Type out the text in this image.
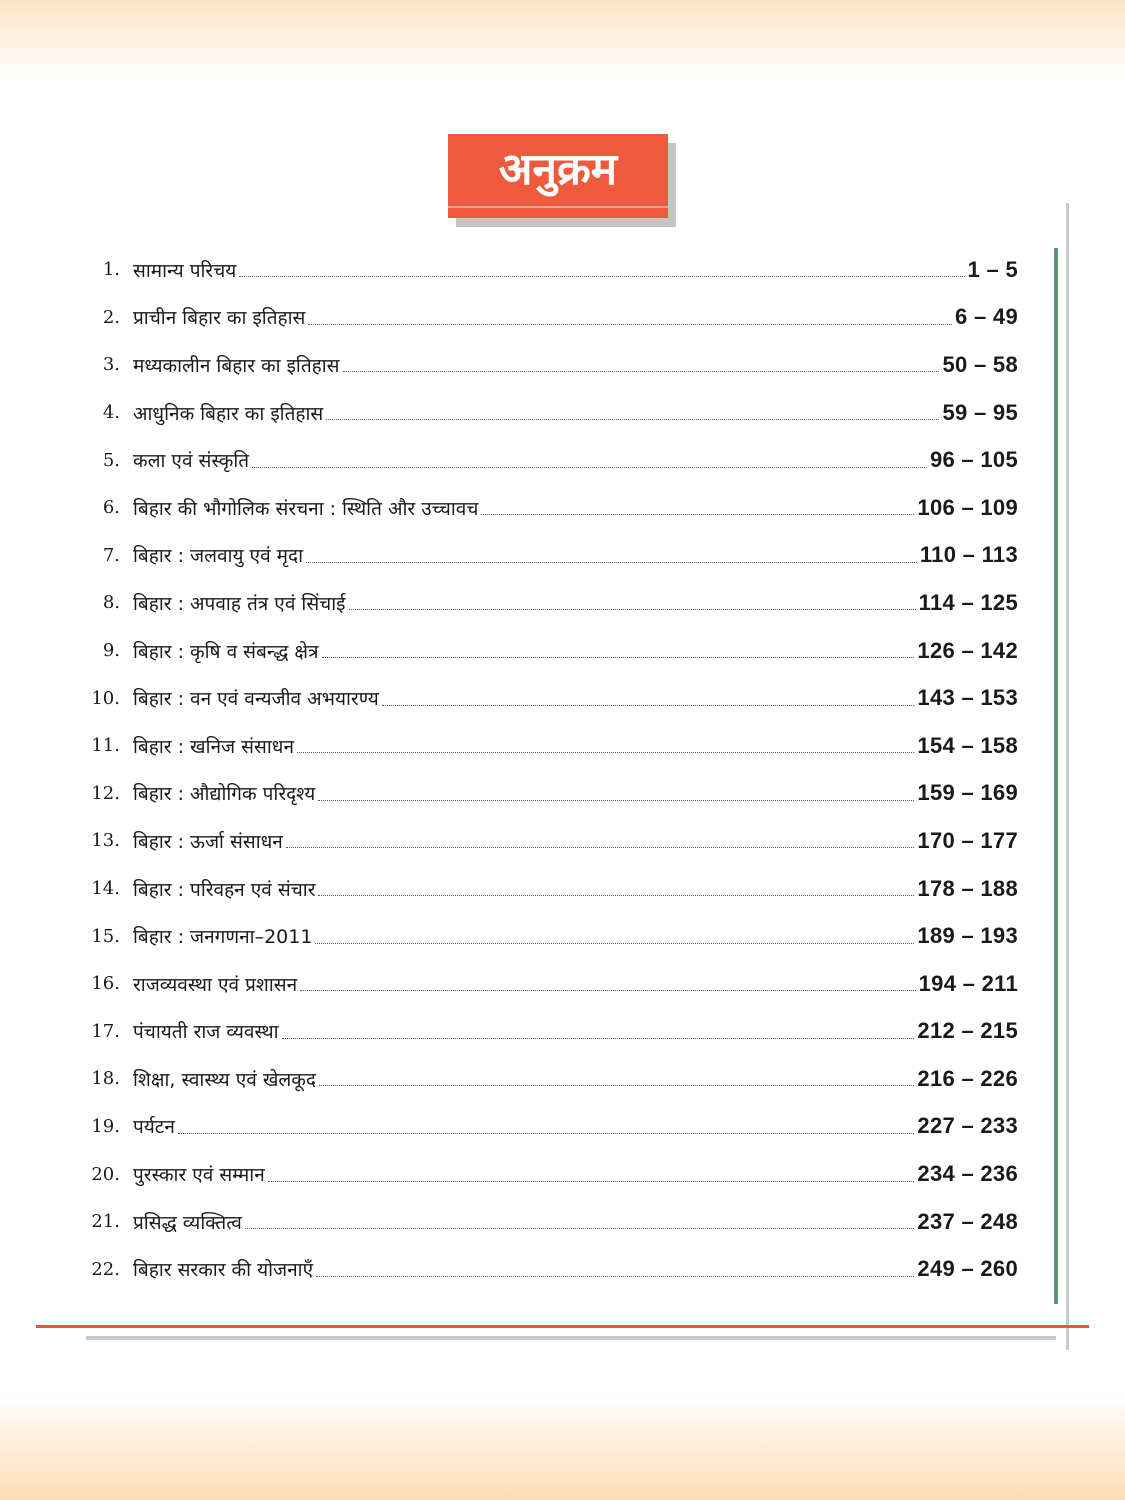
अनुक्रम
1. सामान्य परिचय	1 – 5
2. प्राचीन बिहार का इतिहास	6 – 49
3. मध्यकालीन बिहार का इतिहास	50 – 58
4. आधुनिक बिहार का इतिहास	59 – 95
5. कला एवं संस्कृति	96 – 105
6. बिहार की भौगोलिक संरचना : स्थिति और उच्चावच	106 – 109
7. बिहार : जलवायु एवं मृदा	110 – 113
8. बिहार : अपवाह तंत्र एवं सिंचाई	114 – 125
9. बिहार : कृषि व संबन्द्ध क्षेत्र	126 – 142
10. बिहार : वन एवं वन्यजीव अभयारण्य	143 – 153
11. बिहार : खनिज संसाधन	154 – 158
12. बिहार : औद्योगिक परिदृश्य	159 – 169
13. बिहार : ऊर्जा संसाधन	170 – 177
14. बिहार : परिवहन एवं संचार	178 – 188
15. बिहार : जनगणना–2011	189 – 193
16. राजव्यवस्था एवं प्रशासन	194 – 211
17. पंचायती राज व्यवस्था	212 – 215
18. शिक्षा, स्वास्थ्य एवं खेलकूद	216 – 226
19. पर्यटन	227 – 233
20. पुरस्कार एवं सम्मान	234 – 236
21. प्रसिद्ध व्यक्तित्व	237 – 248
22. बिहार सरकार की योजनाएँ	249 – 260
